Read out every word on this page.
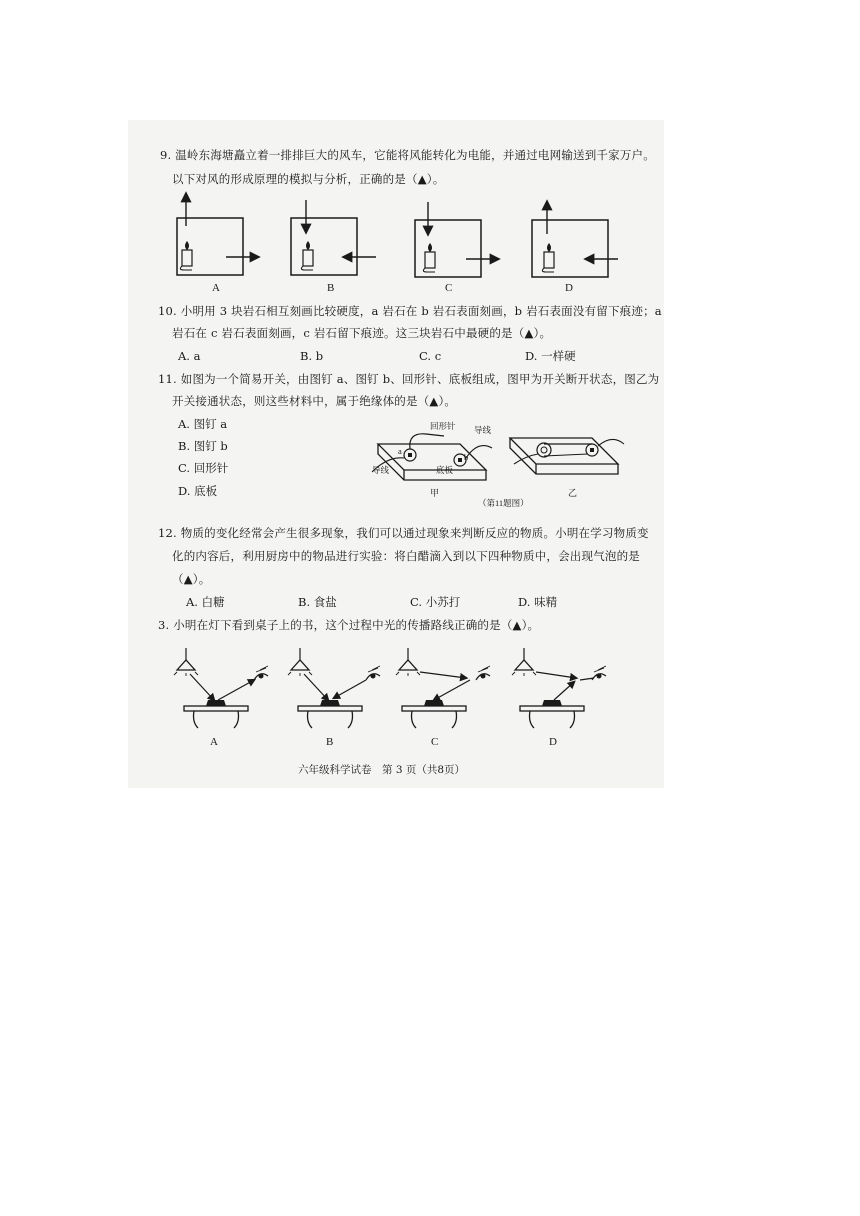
9. 温岭东海塘矗立着一排排巨大的风车，它能将风能转化为电能，并通过电网输送到千家万户。
以下对风的形成原理的模拟与分析，正确的是（▲）。
A	B	C	D
10. 小明用 3 块岩石相互刻画比较硬度，a 岩石在 b 岩石表面刻画，b 岩石表面没有留下痕迹；a
岩石在 c 岩石表面刻画，c 岩石留下痕迹。这三块岩石中最硬的是（▲）。
A. a	B. b	C. c	D. 一样硬
11. 如图为一个简易开关，由图钉 a、图钉 b、回形针、底板组成，图甲为开关断开状态，图乙为
开关接通状态，则这些材料中，属于绝缘体的是（▲）。
A. 图钉 a
B. 图钉 b
C. 回形针
D. 底板
回形针 导线
导线	底板
a
b
甲	乙
（第11题图）
12. 物质的变化经常会产生很多现象，我们可以通过现象来判断反应的物质。小明在学习物质变
化的内容后，利用厨房中的物品进行实验：将白醋滴入到以下四种物质中，会出现气泡的是
（▲）。
A. 白糖	B. 食盐	C. 小苏打	D. 味精
3. 小明在灯下看到桌子上的书，这个过程中光的传播路线正确的是（▲）。
A	B	C	D
六年级科学试卷　第 3 页（共8页）
